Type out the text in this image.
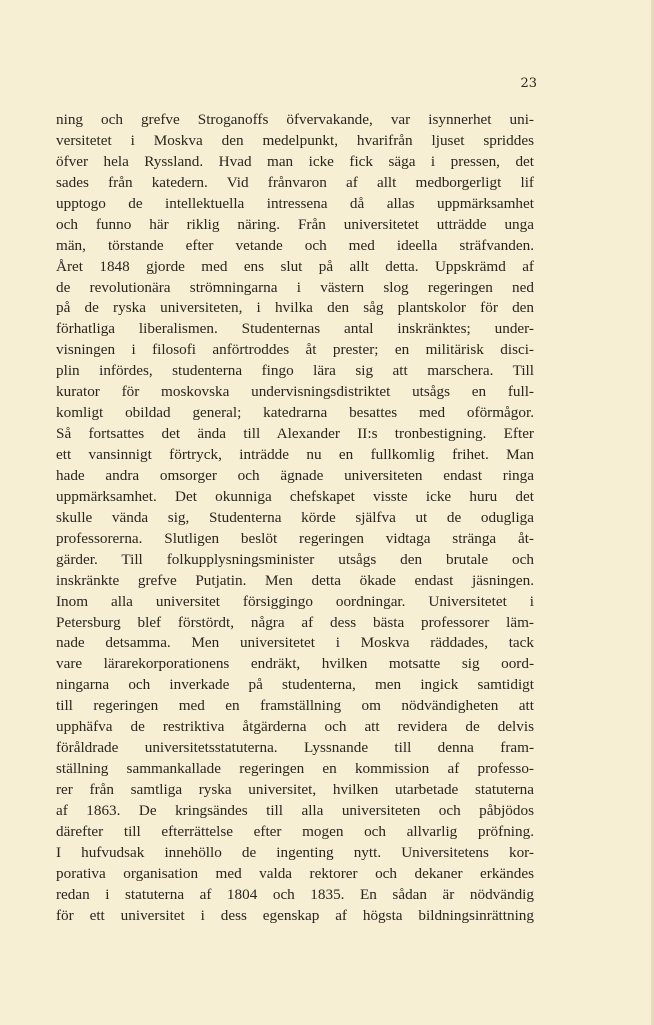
23
ning och grefve Stroganoffs öfvervakande, var isynnerhet uni-
versitetet i Moskva den medelpunkt, hvarifrån ljuset spriddes
öfver hela Ryssland. Hvad man icke fick säga i pressen, det
sades från katedern. Vid frånvaron af allt medborgerligt lif
upptogo de intellektuella intressena då allas uppmärksamhet
och funno här riklig näring. Från universitetet utträdde unga
män, törstande efter vetande och med ideella sträfvanden.
Året 1848 gjorde med ens slut på allt detta. Uppskrämd af
de revolutionära strömningarna i västern slog regeringen ned
på de ryska universiteten, i hvilka den såg plantskolor för den
förhatliga liberalismen. Studenternas antal inskränktes; under-
visningen i filosofi anförtroddes åt prester; en militärisk disci-
plin infördes, studenterna fingo lära sig att marschera. Till
kurator för moskovska undervisningsdistriktet utsågs en full-
komligt obildad general; katedrarna besattes med oförmågor.
Så fortsattes det ända till Alexander II:s tronbestigning. Efter
ett vansinnigt förtryck, inträdde nu en fullkomlig frihet. Man
hade andra omsorger och ägnade universiteten endast ringa
uppmärksamhet. Det okunniga chefskapet visste icke huru det
skulle vända sig, Studenterna körde själfva ut de odugliga
professorerna. Slutligen beslöt regeringen vidtaga stränga åt-
gärder. Till folkupplysningsminister utsågs den brutale och
inskränkte grefve Putjatin. Men detta ökade endast jäsningen.
Inom alla universitet försiggingo oordningar. Universitetet i
Petersburg blef förstördt, några af dess bästa professorer läm-
nade detsamma. Men universitetet i Moskva räddades, tack
vare lärarekorporationens endräkt, hvilken motsatte sig oord-
ningarna och inverkade på studenterna, men ingick samtidigt
till regeringen med en framställning om nödvändigheten att
upphäfva de restriktiva åtgärderna och att revidera de delvis
föråldrade universitetsstatuterna. Lyssnande till denna fram-
ställning sammankallade regeringen en kommission af professo-
rer från samtliga ryska universitet, hvilken utarbetade statuterna
af 1863. De kringsändes till alla universiteten och påbjödos
därefter till efterrättelse efter mogen och allvarlig pröfning.
I hufvudsak innehöllo de ingenting nytt. Universitetens kor-
porativa organisation med valda rektorer och dekaner erkändes
redan i statuterna af 1804 och 1835. En sådan är nödvändig
för ett universitet i dess egenskap af högsta bildningsinrättning
